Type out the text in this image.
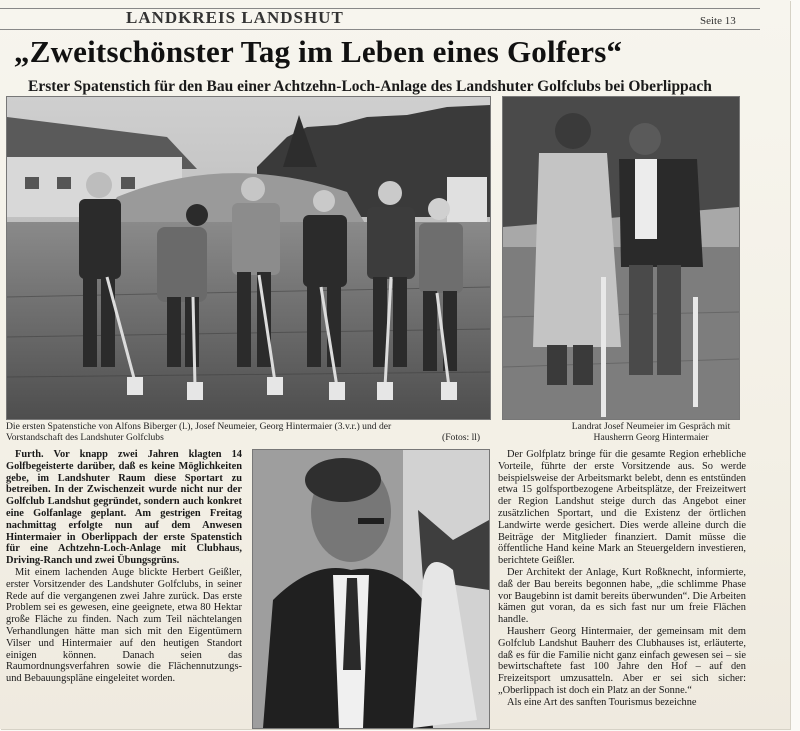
LANDKREIS LANDSHUT	Seite 13
„Zweitschönster Tag im Leben eines Golfers“
Erster Spatenstich für den Bau einer Achtzehn-Loch-Anlage des Landshuter Golfclubs bei Oberlippach
Die ersten Spatenstiche von Alfons Biberger (l.), Josef Neumeier, Georg Hintermaier (3.v.r.) und der
Vorstandschaft des Landshuter Golfclubs	(Fotos: ll)
Landrat Josef Neumeier im Gespräch mit Hausherrn Georg Hintermaier

Furth. Vor knapp zwei Jahren klagten 14 Golfbegeisterte darüber, daß es keine Möglichkeiten gebe, im Landshuter Raum diese Sportart zu betreiben. In der Zwischenzeit wurde nicht nur der Golfclub Landshut gegründet, sondern auch konkret eine Golfanlage geplant. Am gestrigen Freitag nachmittag erfolgte nun auf dem Anwesen Hintermaier in Oberlippach der erste Spatenstich für eine Achtzehn-Loch-Anlage mit Clubhaus, Driving-Ranch und zwei Übungsgrüns.

Mit einem lachenden Auge blickte Herbert Geißler, erster Vorsitzender des Landshuter Golfclubs, in seiner Rede auf die vergangenen zwei Jahre zurück. Das erste Problem sei es gewesen, eine geeignete, etwa 80 Hektar große Fläche zu finden. Nach zum Teil nächtelangen Verhandlungen hätte man sich mit den Eigentümern Vilser und Hintermaier auf den heutigen Standort einigen können. Danach seien das Raumordnungsverfahren sowie die Flächennutzungs- und Bebauungspläne eingeleitet worden.

Der Golfplatz bringe für die gesamte Region erhebliche Vorteile, führte der erste Vorsitzende aus. So werde beispielsweise der Arbeitsmarkt belebt, denn es entstünden etwa 15 golfsportbezogene Arbeitsplätze, der Freizeitwert der Region Landshut steige durch das Angebot einer zusätzlichen Sportart, und die Existenz der örtlichen Landwirte werde gesichert. Dies werde alleine durch die Beiträge der Mitglieder finanziert. Damit müsse die öffentliche Hand keine Mark an Steuergeldern investieren, berichtete Geißler.

Der Architekt der Anlage, Kurt Roßknecht, informierte, daß der Bau bereits begonnen habe, „die schlimme Phase vor Baugebinn ist damit bereits überwunden“. Die Arbeiten kämen gut voran, da es sich fast nur um freie Flächen handle.

Hausherr Georg Hintermaier, der gemeinsam mit dem Golfclub Landshut Bauherr des Clubhauses ist, erläuterte, daß es für die Familie nicht ganz einfach gewesen sei – sie bewirtschaftete fast 100 Jahre den Hof – auf den Freizeitsport umzusatteln. Aber er sei sich sicher: „Oberlippach ist doch ein Platz an der Sonne.“

Als eine Art des sanften Tourismus bezeichne
